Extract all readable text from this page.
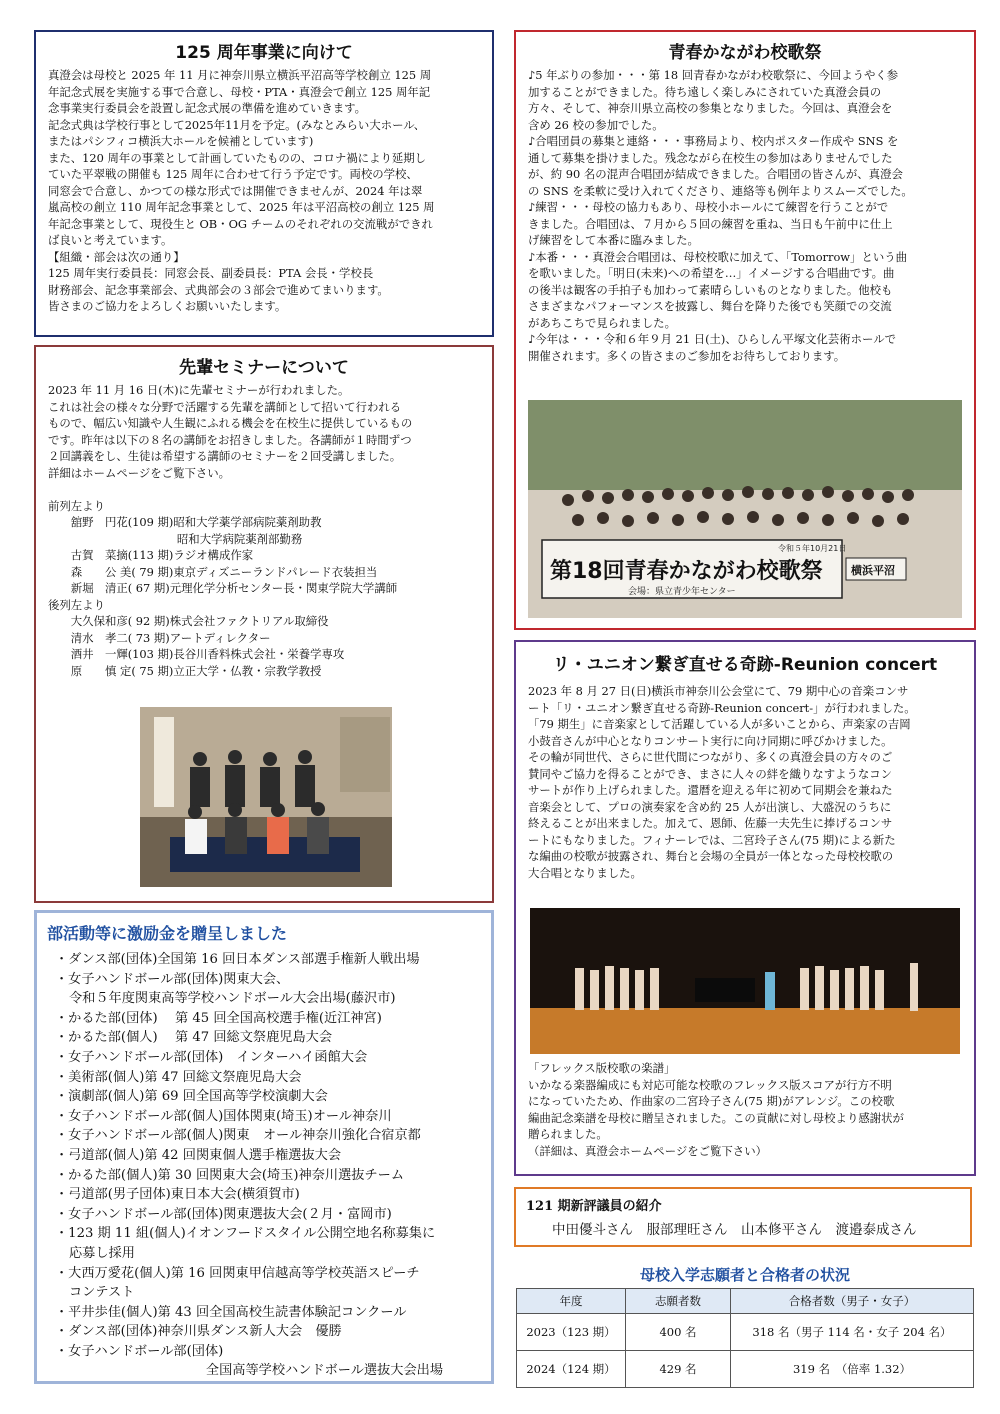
125 周年事業に向けて

真澄会は母校と 2025 年 11 月に神奈川県立横浜平沼高等学校創立 125 周

年記念式展を実施する事で合意し、母校・PTA・真澄会で創立 125 周年記

念事業実行委員会を設置し記念式展の準備を進めていきます。

記念式典は学校行事として2025年11月を予定。(みなとみらい大ホール、

またはパシフィコ横浜大ホールを候補としています)

また、120 周年の事業として計画していたものの、コロナ禍により延期し

ていた平翠戦の開催も 125 周年に合わせて行う予定です。両校の学校、

同窓会で合意し、かつての様な形式では開催できませんが、2024 年は翠

嵐高校の創立 110 周年記念事業として、2025 年は平沼高校の創立 125 周

年記念事業として、現役生と OB・OG チームのそれぞれの交流戦ができれ

ば良いと考えています。

【組織・部会は次の通り】

125 周年実行委員長：同窓会長、副委員長：PTA 会長・学校長

財務部会、記念事業部会、式典部会の３部会で進めてまいります。

皆さまのご協力をよろしくお願いいたします。

先輩セミナーについて

2023 年 11 月 16 日(木)に先輩セミナーが行われました。

これは社会の様々な分野で活躍する先輩を講師として招いて行われる

もので、幅広い知識や人生観にふれる機会を在校生に提供しているもの

です。昨年は以下の８名の講師をお招きしました。各講師が１時間ずつ

２回講義をし、生徒は希望する講師のセミナーを２回受講しました。

詳細はホームページをご覧下さい。

前列左より

　　舘野　円花(109 期)昭和大学薬学部病院薬剤助教

　　　　　　　　　　　 昭和大学病院薬剤部勤務

　　古賀　菜摘(113 期)ラジオ構成作家

　　森　　公 美( 79 期)東京ディズニーランドパレード衣装担当

　　新堀　清正( 67 期)元理化学分析センター長・関東学院大学講師

後列左より

　　大久保和彦( 92 期)株式会社ファクトリアル取締役

　　清水　孝二( 73 期)アートディレクター

　　酒井　一輝(103 期)長谷川香料株式会社・栄養学専攻

　　原　　慎 定( 75 期)立正大学・仏教・宗教学教授

部活動等に激励金を贈呈しました
・ダンス部(団体)全国第 16 回日本ダンス部選手権新人戦出場
・女子ハンドボール部(団体)関東大会、
令和５年度関東高等学校ハンドボール大会出場(藤沢市)
・かるた部(団体)　 第 45 回全国高校選手権(近江神宮)
・かるた部(個人)　 第 47 回総文祭鹿児島大会
・女子ハンドボール部(団体)　インターハイ函館大会
・美術部(個人)第 47 回総文祭鹿児島大会
・演劇部(個人)第 69 回全国高等学校演劇大会
・女子ハンドボール部(個人)国体関東(埼玉)オール神奈川
・女子ハンドボール部(個人)関東　オール神奈川強化合宿京都
・弓道部(個人)第 42 回関東個人選手権選抜大会
・かるた部(個人)第 30 回関東大会(埼玉)神奈川選抜チーム
・弓道部(男子団体)東日本大会(横須賀市)
・女子ハンドボール部(団体)関東選抜大会(２月・富岡市)
・123 期 11 組(個人)イオンフードスタイル公開空地名称募集に
応募し採用
・大西万愛花(個人)第 16 回関東甲信越高等学校英語スピーチ
コンテスト
・平井歩佳(個人)第 43 回全国高校生読書体験記コンクール
・ダンス部(団体)神奈川県ダンス新人大会　優勝
・女子ハンドボール部(団体)
全国高等学校ハンドボール選抜大会出場
青春かながわ校歌祭

♪5 年ぶりの参加・・・第 18 回青春かながわ校歌祭に、今回ようやく参

加することができました。待ち遠しく楽しみにされていた真澄会員の

方々、そして、神奈川県立高校の参集となりました。今回は、真澄会を

含め 26 校の参加でした。

♪合唱団員の募集と連絡・・・事務局より、校内ポスター作成や SNS を

通して募集を掛けました。残念ながら在校生の参加はありませんでした

が、約 90 名の混声合唱団が結成できました。合唱団の皆さんが、真澄会

の SNS を柔軟に受け入れてくださり、連絡等も例年よりスムーズでした。

♪練習・・・母校の協力もあり、母校小ホールにて練習を行うことがで

きました。合唱団は、７月から５回の練習を重ね、当日も午前中に仕上

げ練習をして本番に臨みました。

♪本番・・・真澄会合唱団は、母校校歌に加えて、「Tomorrow」という曲

を歌いました。「明日(未来)への希望を…」イメージする合唱曲です。曲

の後半は観客の手拍子も加わって素晴らしいものとなりました。他校も

さまざまなパフォーマンスを披露し、舞台を降りた後でも笑顔での交流

があちこちで見られました。

♪今年は・・・令和６年９月 21 日(土)、ひらしん平塚文化芸術ホールで

開催されます。多くの皆さまのご参加をお待ちしております。

令和５年10月21日
第18回青春かながわ校歌祭
会場：県立青少年センター
横浜平沼
リ・ユニオン繋ぎ直せる奇跡-Reunion concert

2023 年 8 月 27 日(日)横浜市神奈川公会堂にて、79 期中心の音楽コンサ

ート「リ・ユニオン繋ぎ直せる奇跡-Reunion concert-」が行われました。

「79 期生」に音楽家として活躍している人が多いことから、声楽家の吉岡

小鼓音さんが中心となりコンサート実行に向け同期に呼びかけました。

その輪が同世代、さらに世代間につながり、多くの真澄会員の方々のご

賛同やご協力を得ることができ、まさに人々の絆を織りなすようなコン

サートが作り上げられました。還暦を迎える年に初めて同期会を兼ねた

音楽会として、プロの演奏家を含め約 25 人が出演し、大盛況のうちに

終えることが出来ました。加えて、恩師、佐藤一夫先生に捧げるコンサ

ートにもなりました。フィナーレでは、二宮玲子さん(75 期)による新た

な編曲の校歌が披露され、舞台と会場の全員が一体となった母校校歌の

大合唱となりました。

「フレックス版校歌の楽譜」

いかなる楽器編成にも対応可能な校歌のフレックス版スコアが行方不明

になっていたため、作曲家の二宮玲子さん(75 期)がアレンジ。この校歌

編曲記念楽譜を母校に贈呈されました。この貢献に対し母校より感謝状が

贈られました。

（詳細は、真澄会ホームページをご覧下さい）

121 期新評議員の紹介
中田優斗さん　服部理旺さん　山本修平さん　渡邉泰成さん
母校入学志願者と合格者の状況
年度	志願者数	合格者数（男子・女子）
2023（123 期）	400 名	318 名（男子 114 名・女子 204 名）
2024（124 期）	429 名	319 名　（倍率 1.32）
